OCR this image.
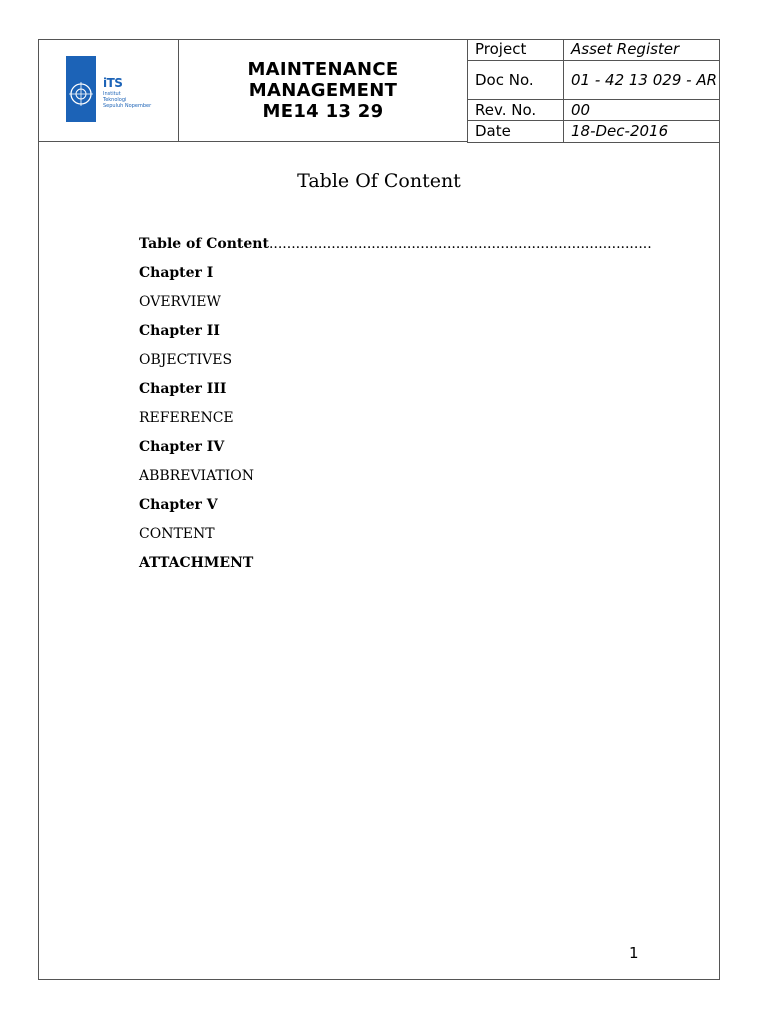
iTS
Institut
Teknologi
Sepuluh Nopember
MAINTENANCE
MANAGEMENT
ME14 13 29
Project	Asset Register
Doc No.	01 - 42 13 029 - AR
Rev. No.	00
Date	18-Dec-2016
Table Of Content
Table of Content......................................................................................
Chapter I
OVERVIEW
Chapter II
OBJECTIVES
Chapter III
REFERENCE
Chapter IV
ABBREVIATION
Chapter V
CONTENT
ATTACHMENT
1
